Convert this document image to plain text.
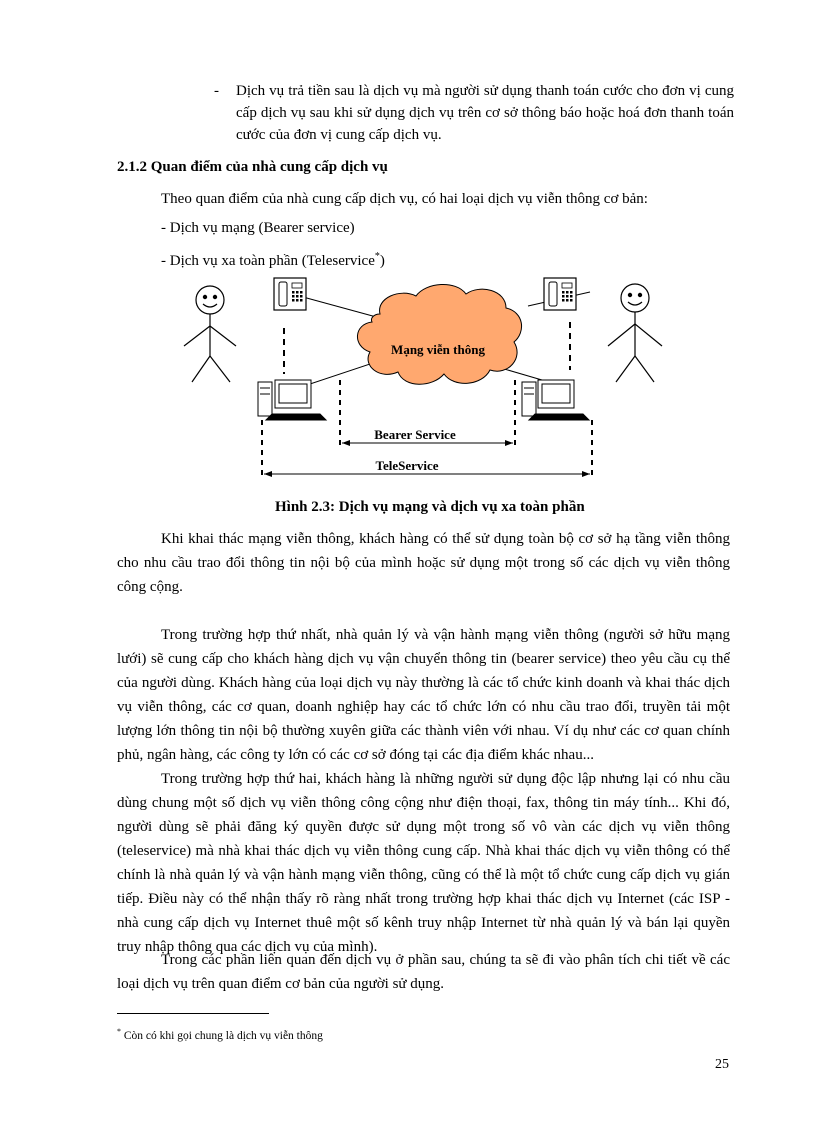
- Dịch vụ trả tiền sau là dịch vụ mà người sử dụng thanh toán cước cho đơn vị cung cấp dịch vụ sau khi sử dụng dịch vụ trên cơ sở thông báo hoặc hoá đơn thanh toán cước của đơn vị cung cấp dịch vụ.
2.1.2 Quan điểm của nhà cung cấp dịch vụ
Theo quan điểm của nhà cung cấp dịch vụ, có hai loại dịch vụ viễn thông cơ bản:
- Dịch vụ mạng (Bearer service)
- Dịch vụ xa toàn phần (Teleservice*)
Mạng viễn thông
Bearer Service
TeleService
Hình 2.3: Dịch vụ mạng và dịch vụ xa toàn phần
Khi khai thác mạng viễn thông, khách hàng có thể sử dụng toàn bộ cơ sở hạ tầng viễn thông cho nhu cầu trao đổi thông tin nội bộ của mình hoặc sử dụng một trong số các dịch vụ viễn thông công cộng.
Trong trường hợp thứ nhất, nhà quản lý và vận hành mạng viễn thông (người sở hữu mạng lưới) sẽ cung cấp cho khách hàng dịch vụ vận chuyển thông tin (bearer service) theo yêu cầu cụ thể của người dùng. Khách hàng của loại dịch vụ này thường là các tổ chức kinh doanh và khai thác dịch vụ viễn thông, các cơ quan, doanh nghiệp hay các tổ chức lớn có nhu cầu trao đổi, truyền tải một lượng lớn thông tin nội bộ thường xuyên giữa các thành viên với nhau. Ví dụ như các cơ quan chính phủ, ngân hàng, các công ty lớn có các cơ sở đóng tại các địa điểm khác nhau...
Trong trường hợp thứ hai, khách hàng là những người sử dụng độc lập nhưng lại có nhu cầu dùng chung một số dịch vụ viễn thông công cộng như điện thoại, fax, thông tin máy tính... Khi đó, người dùng sẽ phải đăng ký quyền được sử dụng một trong số vô vàn các dịch vụ viễn thông (teleservice) mà nhà khai thác dịch vụ viễn thông cung cấp. Nhà khai thác dịch vụ viễn thông có thể chính là nhà quản lý và vận hành mạng viễn thông, cũng có thể là một tổ chức cung cấp dịch vụ gián tiếp. Điều này có thể nhận thấy rõ ràng nhất trong trường hợp khai thác dịch vụ Internet (các ISP - nhà cung cấp dịch vụ Internet thuê một số kênh truy nhập Internet từ nhà quản lý và bán lại quyền truy nhập thông qua các dịch vụ của mình).
Trong các phần liên quan đến dịch vụ ở phần sau, chúng ta sẽ đi vào phân tích chi tiết về các loại dịch vụ trên quan điểm cơ bản của người sử dụng.
* Còn có khi gọi chung là dịch vụ viễn thông
25
